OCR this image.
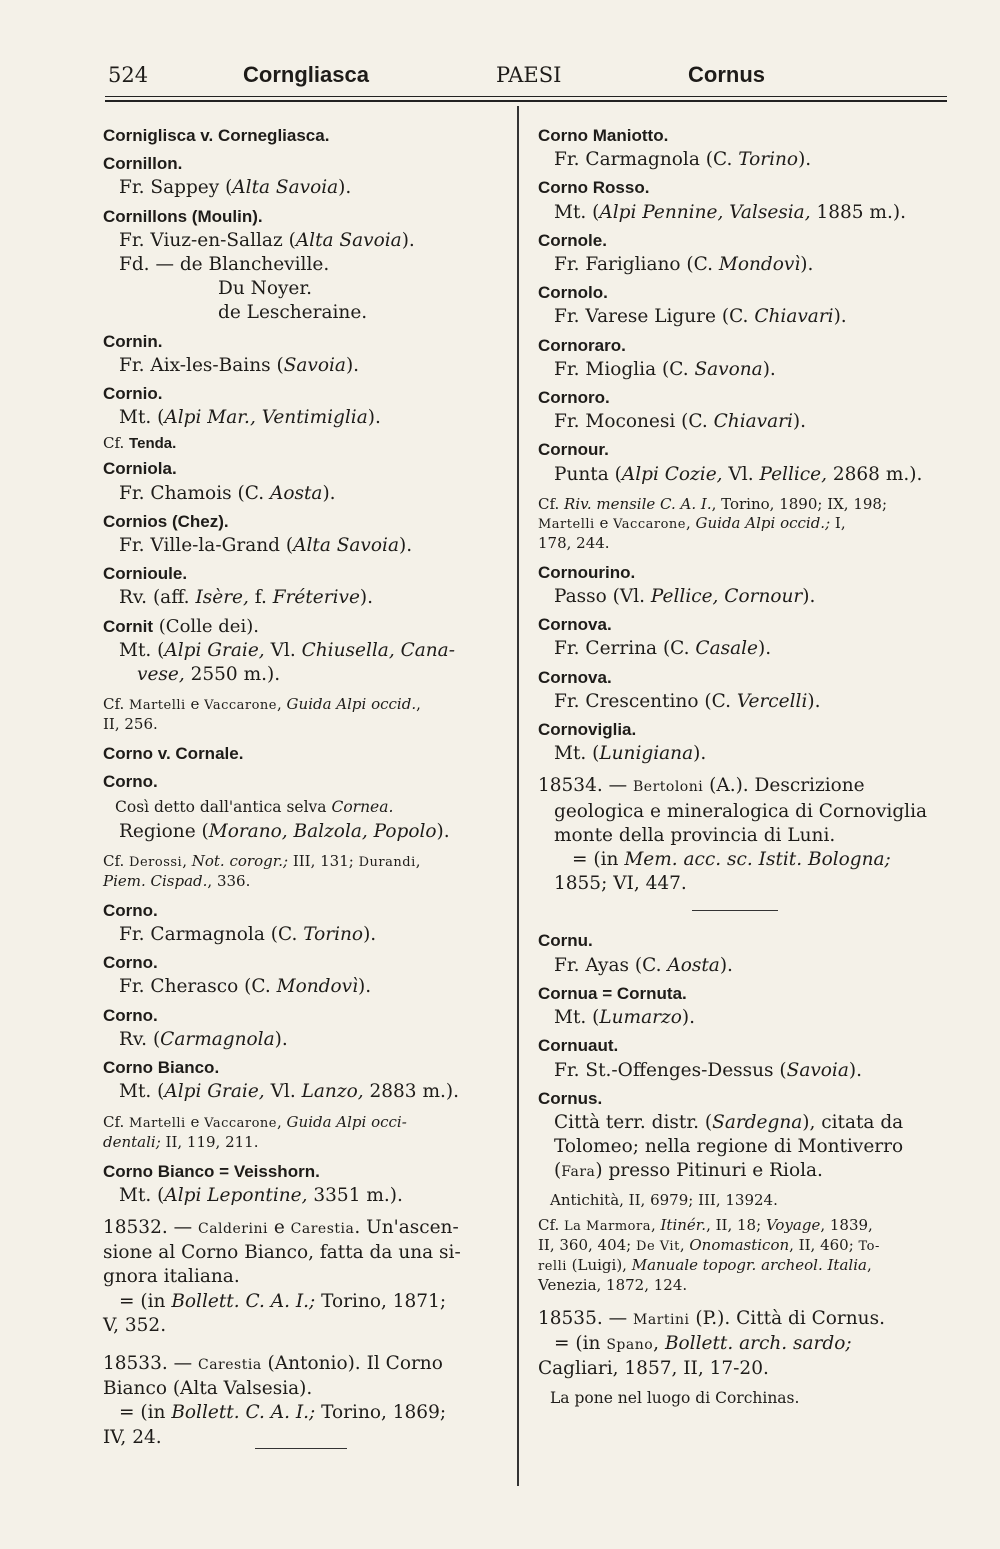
524	Corngliasca	PAESI	Cornus
Corniglisca v. Cornegliasca.
Cornillon.
Fr. Sappey (Alta Savoia).
Cornillons (Moulin).
Fr. Viuz-en-Sallaz (Alta Savoia).
Fd. — de Blancheville.
Du Noyer.
de Lescheraine.
Cornin.
Fr. Aix-les-Bains (Savoia).
Cornio.
Mt. (Alpi Mar., Ventimiglia).
Cf. Tenda.
Corniola.
Fr. Chamois (C. Aosta).
Cornios (Chez).
Fr. Ville-la-Grand (Alta Savoia).
Cornioule.
Rv. (aff. Isère, f. Fréterive).
Cornit (Colle dei).
Mt. (Alpi Graie, Vl. Chiusella, Cana-
vese, 2550 m.).
Cf. Martelli e Vaccarone, Guida Alpi occid.,
II, 256.
Corno v. Cornale.
Corno.
Così detto dall'antica selva Cornea.
Regione (Morano, Balzola, Popolo).
Cf. Derossi, Not. corogr.; III, 131; Durandi,
Piem. Cispad., 336.
Corno.
Fr. Carmagnola (C. Torino).
Corno.
Fr. Cherasco (C. Mondovì).
Corno.
Rv. (Carmagnola).
Corno Bianco.
Mt. (Alpi Graie, Vl. Lanzo, 2883 m.).
Cf. Martelli e Vaccarone, Guida Alpi occi-
dentali; II, 119, 211.
Corno Bianco = Veisshorn.
Mt. (Alpi Lepontine, 3351 m.).
18532. — Calderini e Carestia. Un'ascen-
sione al Corno Bianco, fatta da una si-
gnora italiana.
= (in Bollett. C. A. I.; Torino, 1871;
V, 352.
18533. — Carestia (Antonio). Il Corno
Bianco (Alta Valsesia).
= (in Bollett. C. A. I.; Torino, 1869;
IV, 24.
Corno Maniotto.
Fr. Carmagnola (C. Torino).
Corno Rosso.
Mt. (Alpi Pennine, Valsesia, 1885 m.).
Cornole.
Fr. Farigliano (C. Mondovì).
Cornolo.
Fr. Varese Ligure (C. Chiavari).
Cornoraro.
Fr. Mioglia (C. Savona).
Cornoro.
Fr. Moconesi (C. Chiavari).
Cornour.
Punta (Alpi Cozie, Vl. Pellice, 2868 m.).
Cf. Riv. mensile C. A. I., Torino, 1890; IX, 198;
Martelli e Vaccarone, Guida Alpi occid.; I,
178, 244.
Cornourino.
Passo (Vl. Pellice, Cornour).
Cornova.
Fr. Cerrina (C. Casale).
Cornova.
Fr. Crescentino (C. Vercelli).
Cornoviglia.
Mt. (Lunigiana).
18534. — Bertoloni (A.). Descrizione
geologica e mineralogica di Cornoviglia
monte della provincia di Luni.
= (in Mem. acc. sc. Istit. Bologna;
1855; VI, 447.
Cornu.
Fr. Ayas (C. Aosta).
Cornua = Cornuta.
Mt. (Lumarzo).
Cornuaut.
Fr. St.-Offenges-Dessus (Savoia).
Cornus.
Città terr. distr. (Sardegna), citata da
Tolomeo; nella regione di Montiverro
(Fara) presso Pitinuri e Riola.
Antichità, II, 6979; III, 13924.
Cf. La Marmora, Itinér., II, 18; Voyage, 1839,
II, 360, 404; De Vit, Onomasticon, II, 460; To-
relli (Luigi), Manuale topogr. archeol. Italia,
Venezia, 1872, 124.
18535. — Martini (P.). Città di Cornus.
= (in Spano, Bollett. arch. sardo;
Cagliari, 1857, II, 17-20.
La pone nel luogo di Corchinas.
